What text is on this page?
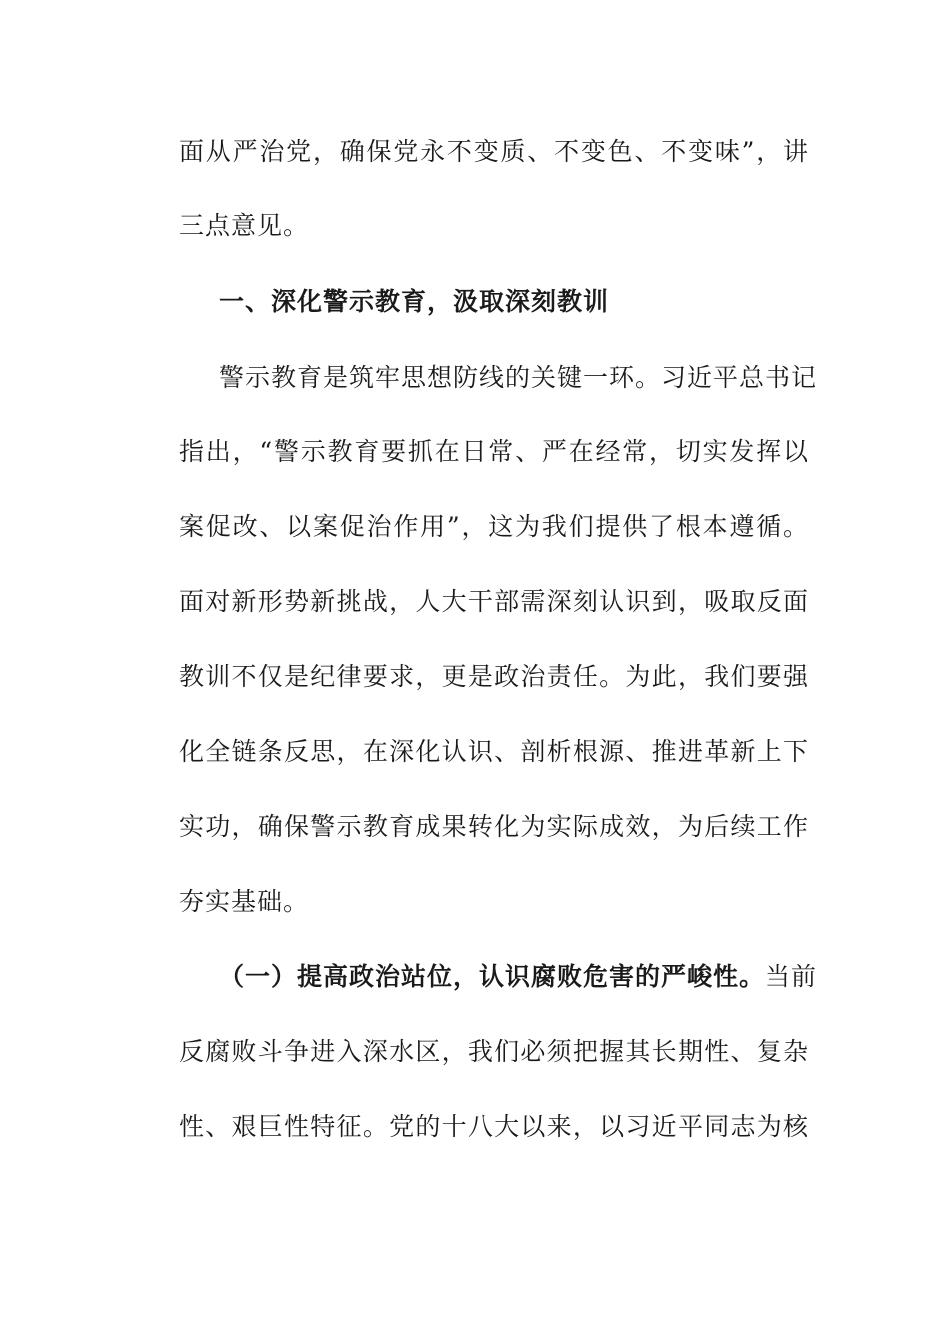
面从严治党，确保党永不变质、不变色、不变味”，讲
三点意见。
一、深化警示教育，汲取深刻教训
警示教育是筑牢思想防线的关键一环。习近平总书记
指出，“警示教育要抓在日常、严在经常，切实发挥以
案促改、以案促治作用”，这为我们提供了根本遵循。
面对新形势新挑战，人大干部需深刻认识到，吸取反面
教训不仅是纪律要求，更是政治责任。为此，我们要强
化全链条反思，在深化认识、剖析根源、推进革新上下
实功，确保警示教育成果转化为实际成效，为后续工作
夯实基础。
（一）提高政治站位，认识腐败危害的严峻性。当前
反腐败斗争进入深水区，我们必须把握其长期性、复杂
性、艰巨性特征。党的十八大以来，以习近平同志为核
